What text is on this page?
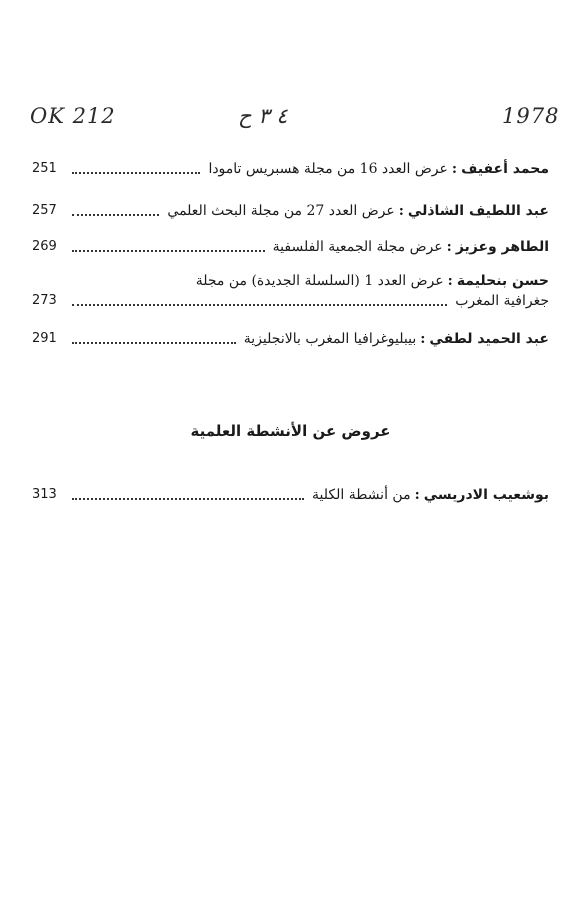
OK 212	٤ ٣ ح	1978
251	محمد أعفيف:عرض العدد 16 من مجلة هسبريس تامودا
257	عبد اللطيف الشاذلي:عرض العدد 27 من مجلة البحث العلمي
269	الطاهر وعزيز:عرض مجلة الجمعية الفلسفية
حسن بنحليمة:عرض العدد 1 (السلسلة الجديدة) من مجلة
273	جغرافية المغرب
291	عبد الحميد لطفي:بيبليوغرافيا المغرب بالانجليزية
عروض عن الأنشطة العلمية
313	بوشعيب الادريسي:من أنشطة الكلية
